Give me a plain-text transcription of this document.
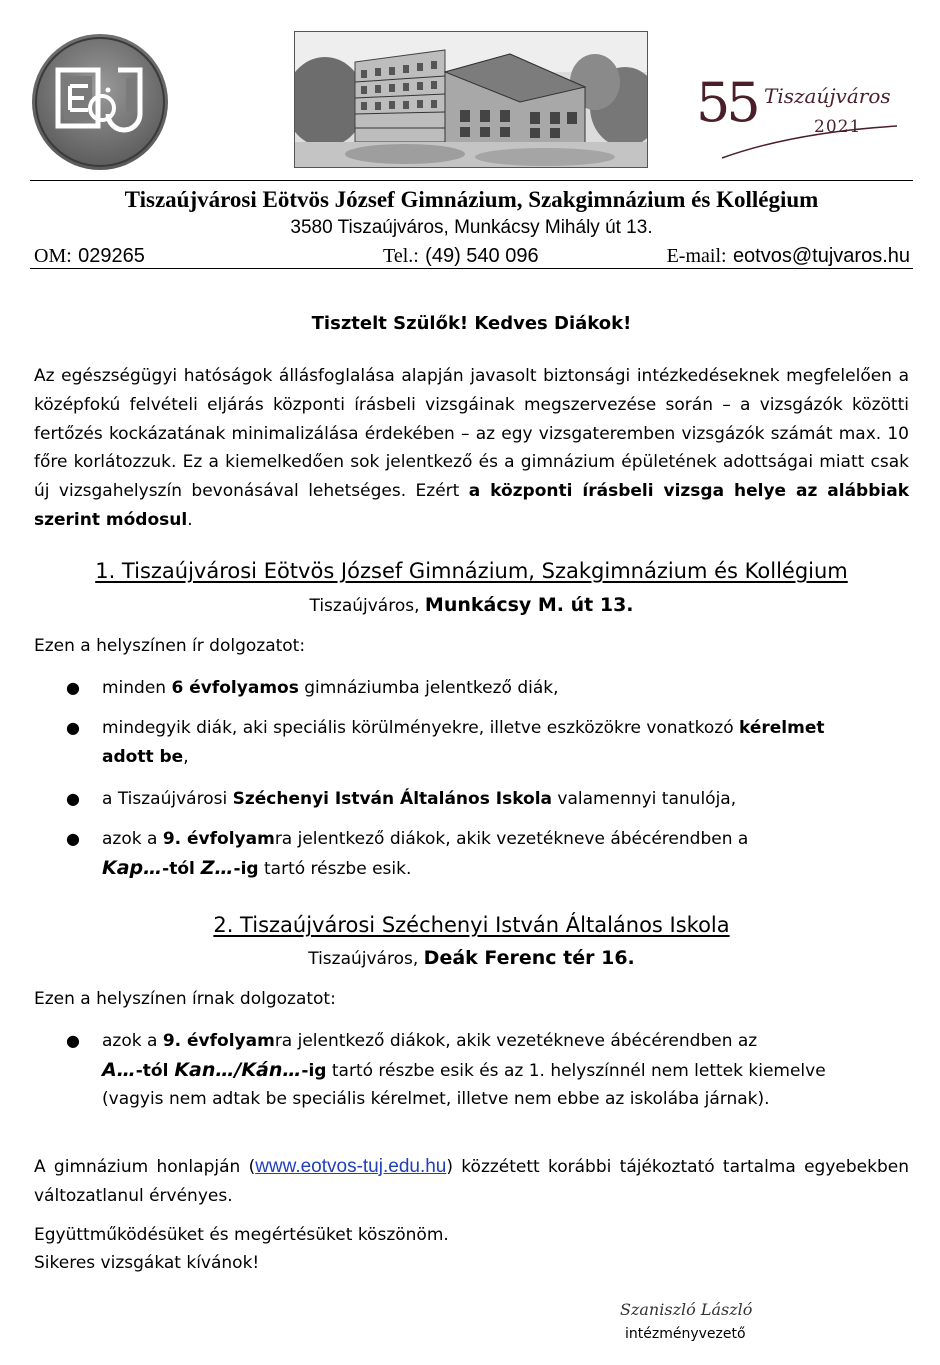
55 Tiszaújváros
2021
Tiszaújvárosi Eötvös József Gimnázium, Szakgimnázium és Kollégium
3580 Tiszaújváros, Munkácsy Mihály út 13.
OM: 029265	Tel.: (49) 540 096	E-mail: eotvos@tujvaros.hu
Tisztelt Szülők! Kedves Diákok!
Az egészségügyi hatóságok állásfoglalása alapján javasolt biztonsági intézkedéseknek megfelelően a középfokú felvételi eljárás központi írásbeli vizsgáinak megszervezése során – a vizsgázók közötti fertőzés kockázatának minimalizálása érdekében – az egy vizsgateremben vizsgázók számát max. 10 főre korlátozzuk. Ez a kiemelkedően sok jelentkező és a gimnázium épületének adottságai miatt csak új vizsgahelyszín bevonásával lehetséges. Ezért a központi írásbeli vizsga helye az alábbiak szerint módosul.
1. Tiszaújvárosi Eötvös József Gimnázium, Szakgimnázium és Kollégium
Tiszaújváros, Munkácsy M. út 13.
Ezen a helyszínen ír dolgozatot:
● minden 6 évfolyamos gimnáziumba jelentkező diák,
● mindegyik diák, aki speciális körülményekre, illetve eszközökre vonatkozó kérelmet adott be,
● a Tiszaújvárosi Széchenyi István Általános Iskola valamennyi tanulója,
● azok a 9. évfolyamra jelentkező diákok, akik vezetékneve ábécérendben a
Kap…-tól Z…-ig tartó részbe esik.
2. Tiszaújvárosi Széchenyi István Általános Iskola
Tiszaújváros, Deák Ferenc tér 16.
Ezen a helyszínen írnak dolgozatot:
● azok a 9. évfolyamra jelentkező diákok, akik vezetékneve ábécérendben az
A…-tól Kan…/Kán…-ig tartó részbe esik és az 1. helyszínnél nem lettek kiemelve (vagyis nem adtak be speciális kérelmet, illetve nem ebbe az iskolába járnak).
A gimnázium honlapján (www.eotvos-tuj.edu.hu) közzétett korábbi tájékoztató tartalma egyebekben változatlanul érvényes.
Együttműködésüket és megértésüket köszönöm.
Sikeres vizsgákat kívánok!
Szaniszló László
intézményvezető
